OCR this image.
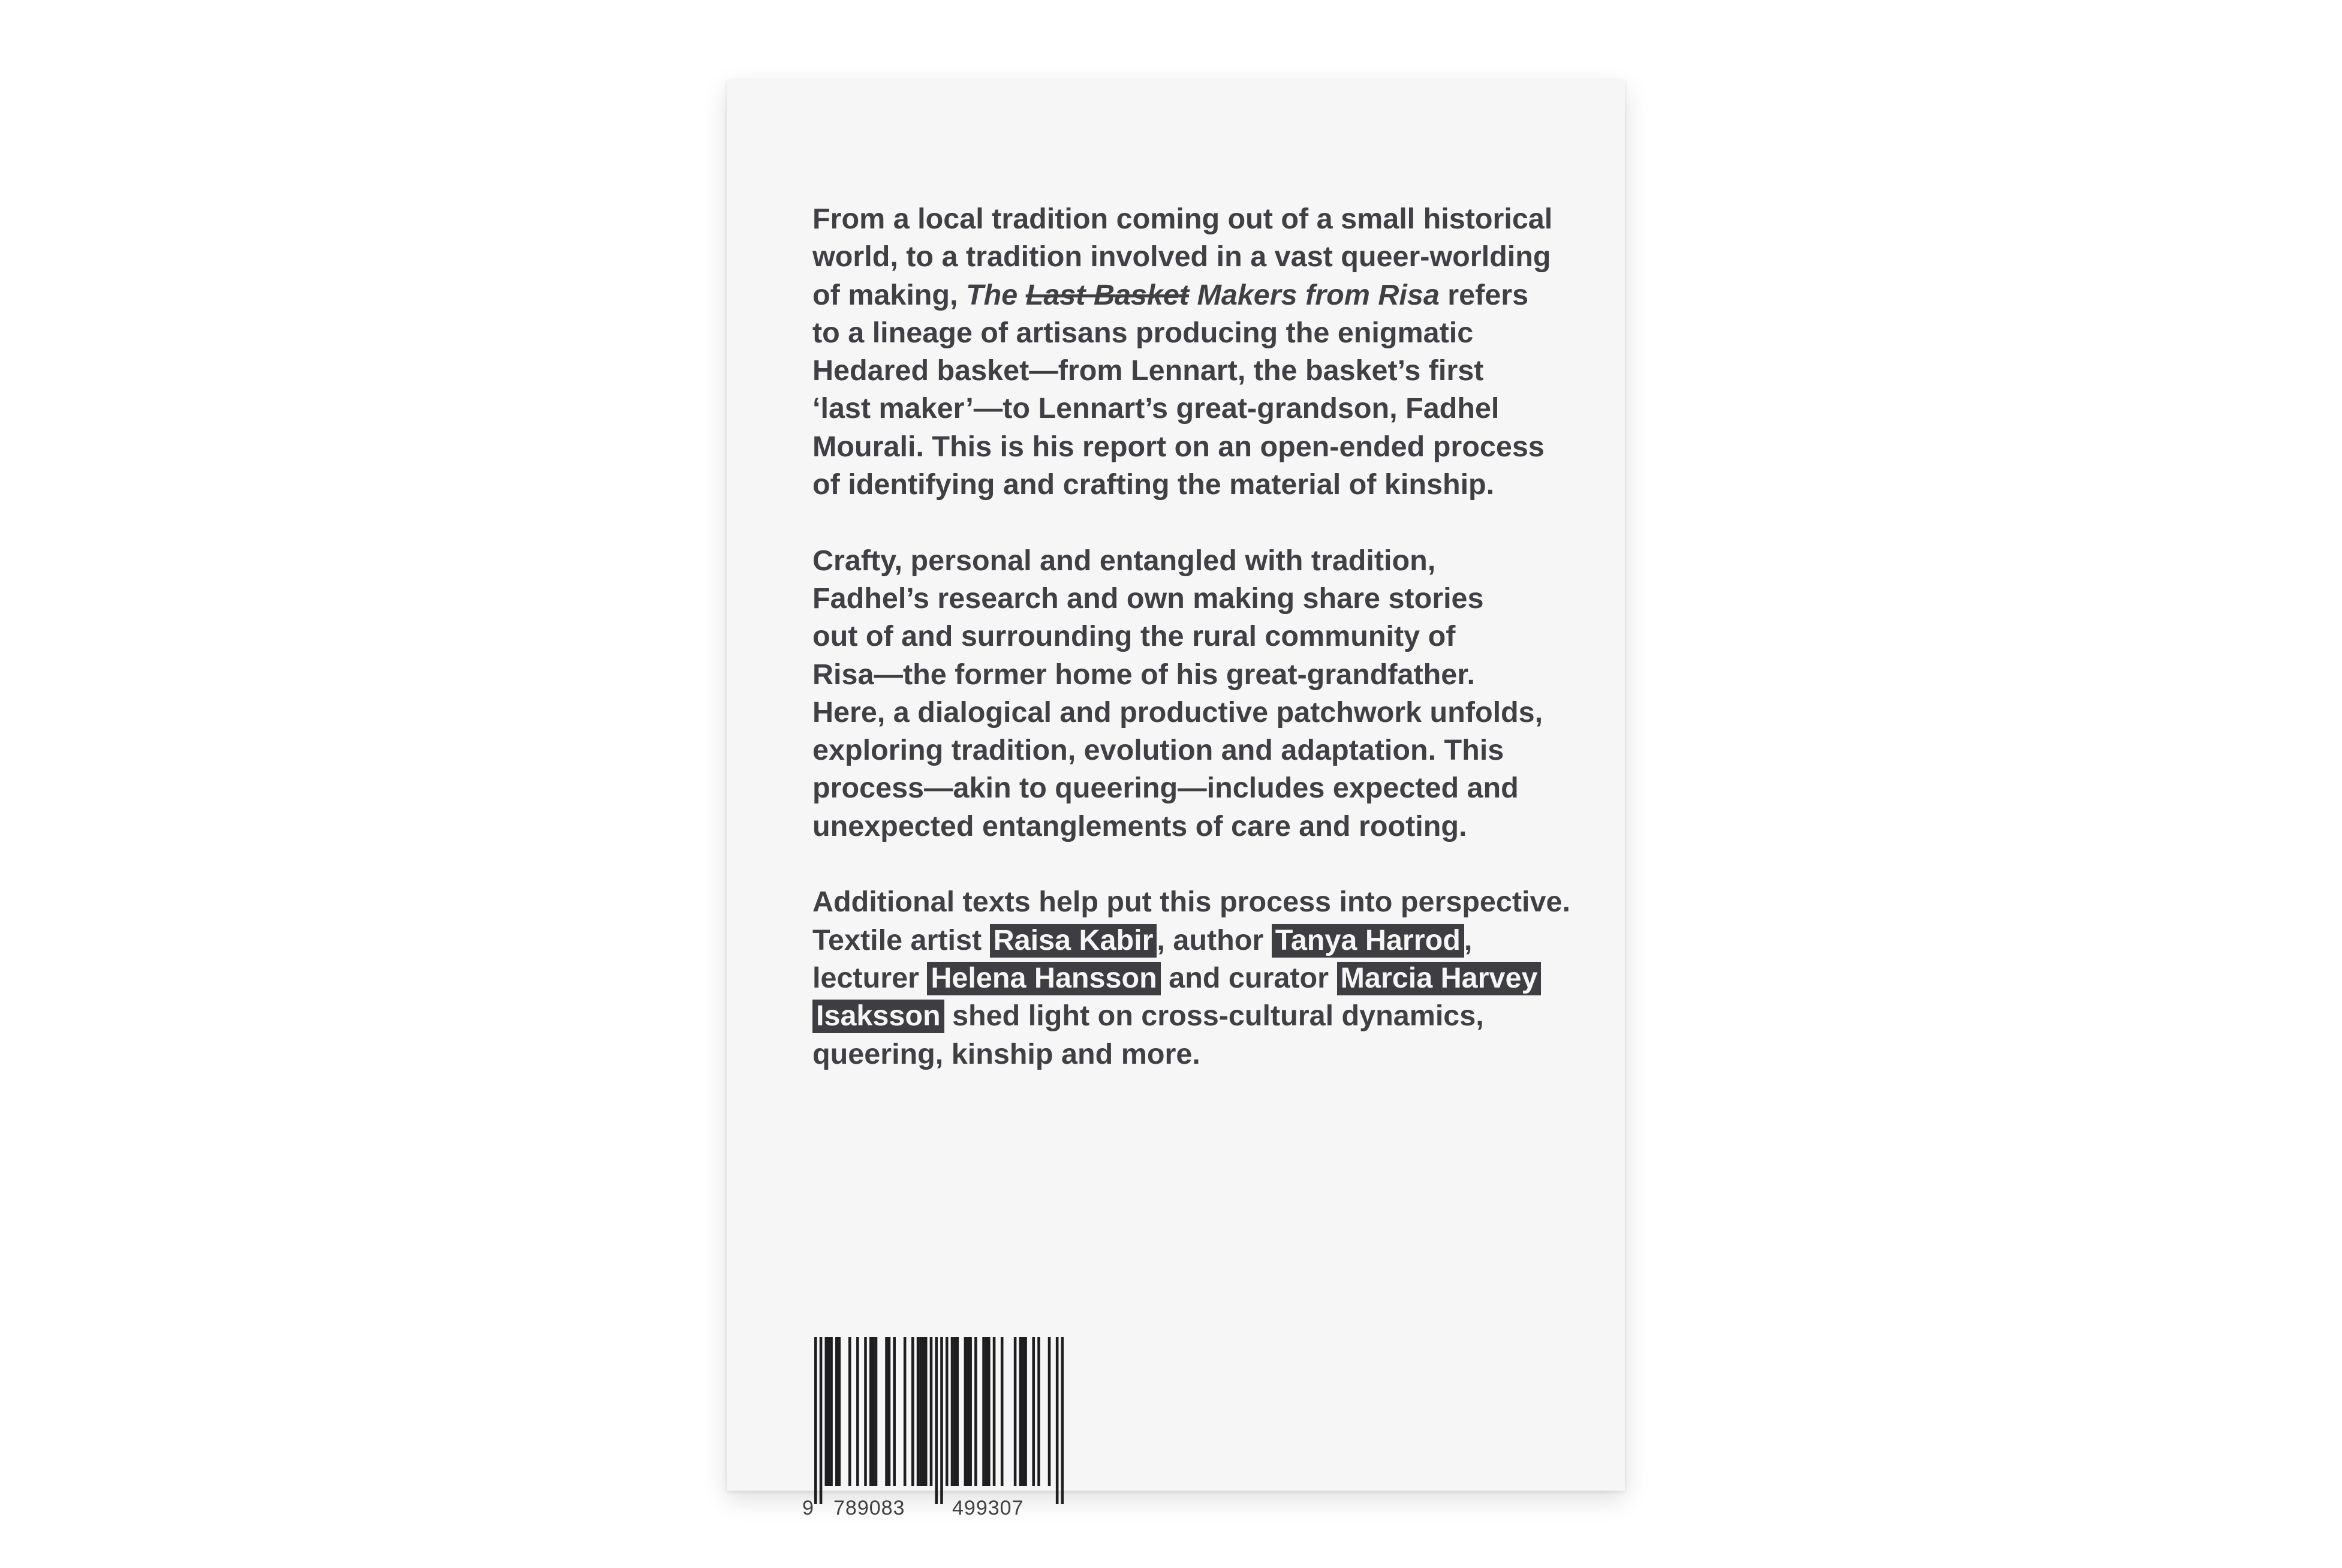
From a local tradition coming out of a small historical
world, to a tradition involved in a vast queer-worlding
of making, The Last Basket Makers from Risa refers
to a lineage of artisans producing the enigmatic
Hedared basket—from Lennart, the basket’s first
‘last maker’—to Lennart’s great-grandson, Fadhel
Mourali. This is his report on an open-ended process
of identifying and crafting the material of kinship.

Crafty, personal and entangled with tradition,
Fadhel’s research and own making share stories
out of and surrounding the rural community of
Risa—the former home of his great-grandfather.
Here, a dialogical and productive patchwork unfolds,
exploring tradition, evolution and adaptation. This
process—akin to queering—includes expected and
unexpected entanglements of care and rooting.

Additional texts help put this process into perspective.
Textile artist Raisa Kabir , author Tanya Harrod ,
lecturer Helena Hansson and curator Marcia Harvey
Isaksson shed light on cross-cultural dynamics,
queering, kinship and more.

9 789083 499307
